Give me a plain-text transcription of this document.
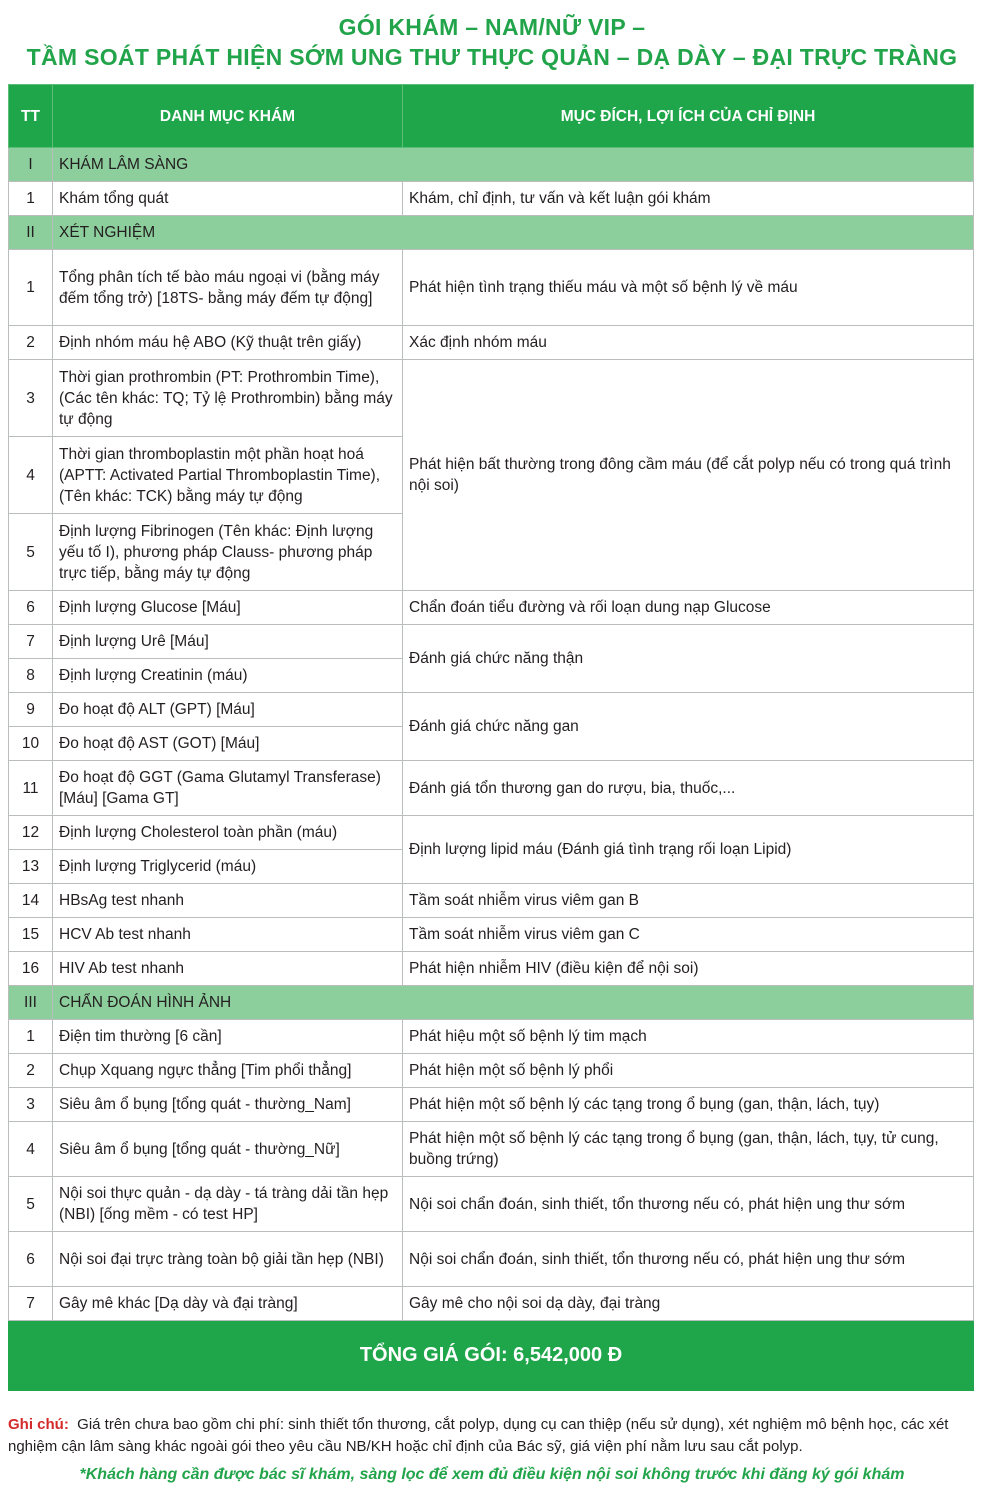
GÓI KHÁM – NAM/NỮ VIP –
TẦM SOÁT PHÁT HIỆN SỚM UNG THƯ THỰC QUẢN – DẠ DÀY – ĐẠI TRỰC TRÀNG
TT	DANH MỤC KHÁM	MỤC ĐÍCH, LỢI ÍCH CỦA CHỈ ĐỊNH
I	KHÁM LÂM SÀNG	
1	Khám tổng quát	Khám, chỉ định, tư vấn và kết luận gói khám
II	XÉT NGHIỆM	
1	Tổng phân tích tế bào máu ngoại vi (bằng máy đếm tổng trở) [18TS- bằng máy đếm tự động]	Phát hiện tình trạng thiếu máu và một số bệnh lý về máu
2	Định nhóm máu hệ ABO (Kỹ thuật trên giấy)	Xác định nhóm máu
3	Thời gian prothrombin (PT: Prothrombin Time), (Các tên khác: TQ; Tỷ lệ Prothrombin) bằng máy tự động	Phát hiện bất thường trong đông cầm máu (để cắt polyp nếu có trong quá trình nội soi)
4	Thời gian thromboplastin một phần hoạt hoá (APTT: Activated Partial Thromboplastin Time), (Tên khác: TCK) bằng máy tự động	
5	Định lượng Fibrinogen (Tên khác: Định lượng yếu tố I), phương pháp Clauss- phương pháp trực tiếp, bằng máy tự động	
6	Định lượng Glucose [Máu]	Chẩn đoán tiểu đường và rối loạn dung nạp Glucose
7	Định lượng Urê [Máu]	Đánh giá chức năng thận
8	Định lượng Creatinin (máu)	
9	Đo hoạt độ ALT (GPT) [Máu]	Đánh giá chức năng gan
10	Đo hoạt độ AST (GOT) [Máu]	
11	Đo hoạt độ GGT (Gama Glutamyl Transferase) [Máu] [Gama GT]	Đánh giá tổn thương gan do rượu, bia, thuốc,...
12	Định lượng Cholesterol toàn phần (máu)	Định lượng lipid máu (Đánh giá tình trạng rối loạn Lipid)
13	Định lượng Triglycerid (máu)	
14	HBsAg test nhanh	Tầm soát nhiễm virus viêm gan B
15	HCV Ab test nhanh	Tầm soát nhiễm virus viêm gan C
16	HIV Ab test nhanh	Phát hiện nhiễm HIV (điều kiện để nội soi)
III	CHẨN ĐOÁN HÌNH ẢNH	
1	Điện tim thường [6 cần]	Phát hiệu một số bệnh lý tim mạch
2	Chụp Xquang ngực thẳng [Tim phổi thẳng]	Phát hiện một số bệnh lý phổi
3	Siêu âm ổ bụng [tổng quát - thường_Nam]	Phát hiện một số bệnh lý các tạng trong ổ bụng (gan, thận, lách, tụy)
4	Siêu âm ổ bụng [tổng quát - thường_Nữ]	Phát hiện một số bệnh lý các tạng trong ổ bụng (gan, thận, lách, tụy, tử cung, buồng trứng)
5	Nội soi thực quản - dạ dày - tá tràng dải tần hẹp (NBI) [ống mềm - có test HP]	Nội soi chẩn đoán, sinh thiết, tổn thương nếu có, phát hiện ung thư sớm
6	Nội soi đại trực tràng toàn bộ giải tần hẹp (NBI)	Nội soi chẩn đoán, sinh thiết, tổn thương nếu có, phát hiện ung thư sớm
7	Gây mê khác [Dạ dày và đại tràng]	Gây mê cho nội soi dạ dày, đại tràng
TỔNG GIÁ GÓI: 6,542,000 Đ		
Ghi chú: Giá trên chưa bao gồm chi phí: sinh thiết tổn thương, cắt polyp, dụng cụ can thiệp (nếu sử dụng), xét nghiệm mô bệnh học, các xét nghiệm cận lâm sàng khác ngoài gói theo yêu cầu NB/KH hoặc chỉ định của Bác sỹ, giá viện phí nằm lưu sau cắt polyp.
*Khách hàng cần được bác sĩ khám, sàng lọc để xem đủ điều kiện nội soi không trước khi đăng ký gói khám
